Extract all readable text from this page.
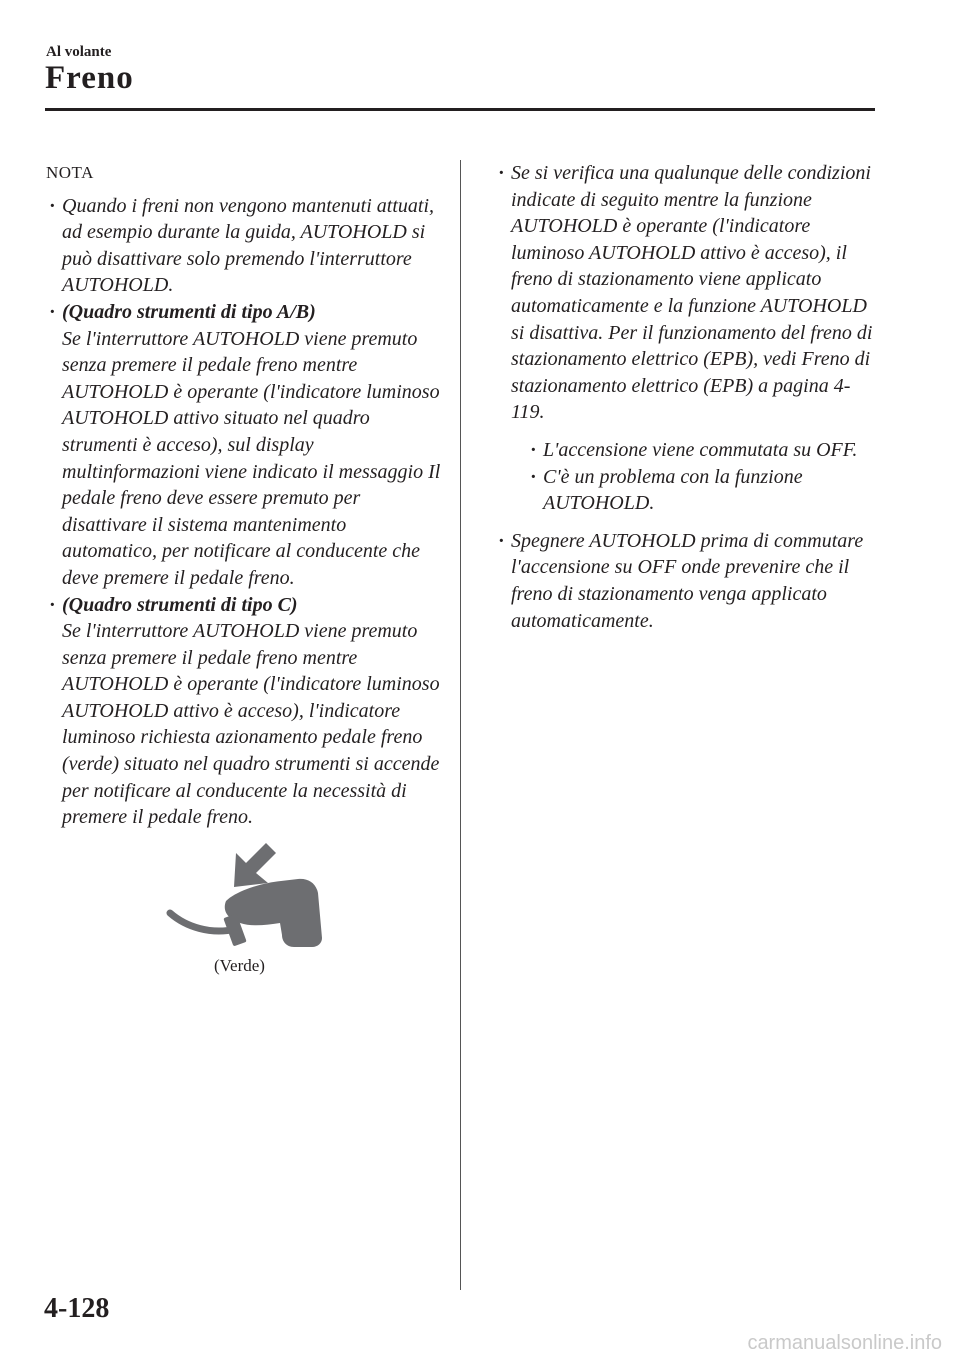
Al volante
Freno
NOTA
· Quando i freni non vengono mantenuti attuati, ad esempio durante la guida, AUTOHOLD si può disattivare solo premendo l'interruttore AUTOHOLD.
· (Quadro strumenti di tipo A/B)
Se l'interruttore AUTOHOLD viene premuto senza premere il pedale freno mentre AUTOHOLD è operante (l'indicatore luminoso AUTOHOLD attivo situato nel quadro strumenti è acceso), sul display multinformazioni viene indicato il messaggio Il pedale freno deve essere premuto per disattivare il sistema mantenimento automatico, per notificare al conducente che deve premere il pedale freno.
· (Quadro strumenti di tipo C)
Se l'interruttore AUTOHOLD viene premuto senza premere il pedale freno mentre AUTOHOLD è operante (l'indicatore luminoso AUTOHOLD attivo è acceso), l'indicatore luminoso richiesta azionamento pedale freno (verde) situato nel quadro strumenti si accende per notificare al conducente la necessità di premere il pedale freno.
(Verde)
· Se si verifica una qualunque delle condizioni indicate di seguito mentre la funzione AUTOHOLD è operante (l'indicatore luminoso AUTOHOLD attivo è acceso), il freno di stazionamento viene applicato automaticamente e la funzione AUTOHOLD si disattiva. Per il funzionamento del freno di stazionamento elettrico (EPB), vedi Freno di stazionamento elettrico (EPB) a pagina 4-119.
· L'accensione viene commutata su OFF.
· C'è un problema con la funzione AUTOHOLD.
· Spegnere AUTOHOLD prima di commutare l'accensione su OFF onde prevenire che il freno di stazionamento venga applicato automaticamente.
4-128
carmanualsonline.info
